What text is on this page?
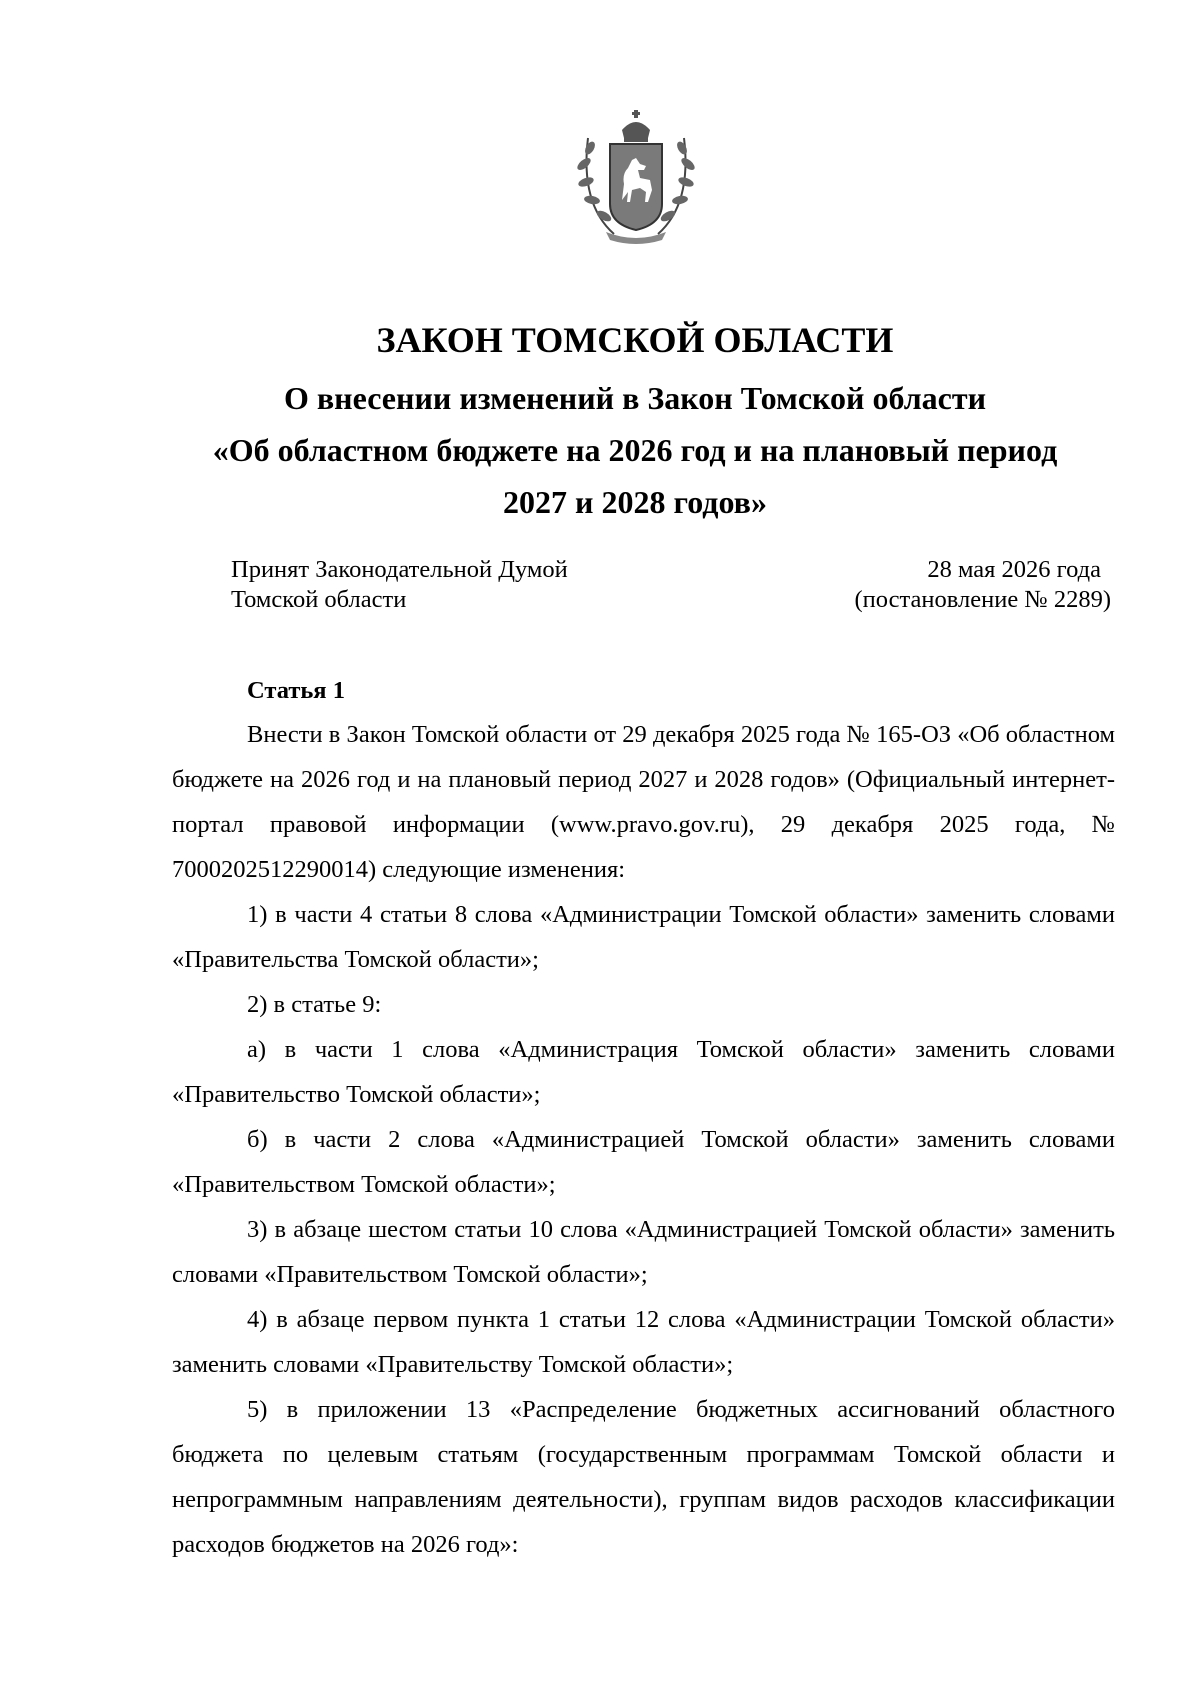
ЗАКОН ТОМСКОЙ ОБЛАСТИ
О внесении изменений в Закон Томской области
«Об областном бюджете на 2026 год и на плановый период
2027 и 2028 годов»
Принят Законодательной Думой
Томской области
28 мая 2026 года
(постановление № 2289)
Статья 1

Внести в Закон Томской области от 29 декабря 2025 года № 165-ОЗ «Об областном бюджете на 2026 год и на плановый период 2027 и 2028 годов» (Официальный интернет-портал правовой информации (www.pravo.gov.ru), 29 декабря 2025 года, № 7000202512290014) следующие изменения:

1) в части 4 статьи 8 слова «Администрации Томской области» заменить словами «Правительства Томской области»;

2) в статье 9:

а) в части 1 слова «Администрация Томской области» заменить словами «Правительство Томской области»;

б) в части 2 слова «Администрацией Томской области» заменить словами «Правительством Томской области»;

3) в абзаце шестом статьи 10 слова «Администрацией Томской области» заменить словами «Правительством Томской области»;

4) в абзаце первом пункта 1 статьи 12 слова «Администрации Томской области» заменить словами «Правительству Томской области»;

5) в приложении 13 «Распределение бюджетных ассигнований областного бюджета по целевым статьям (государственным программам Томской области и непрограммным направлениям деятельности), группам видов расходов классификации расходов бюджетов на 2026 год»:
